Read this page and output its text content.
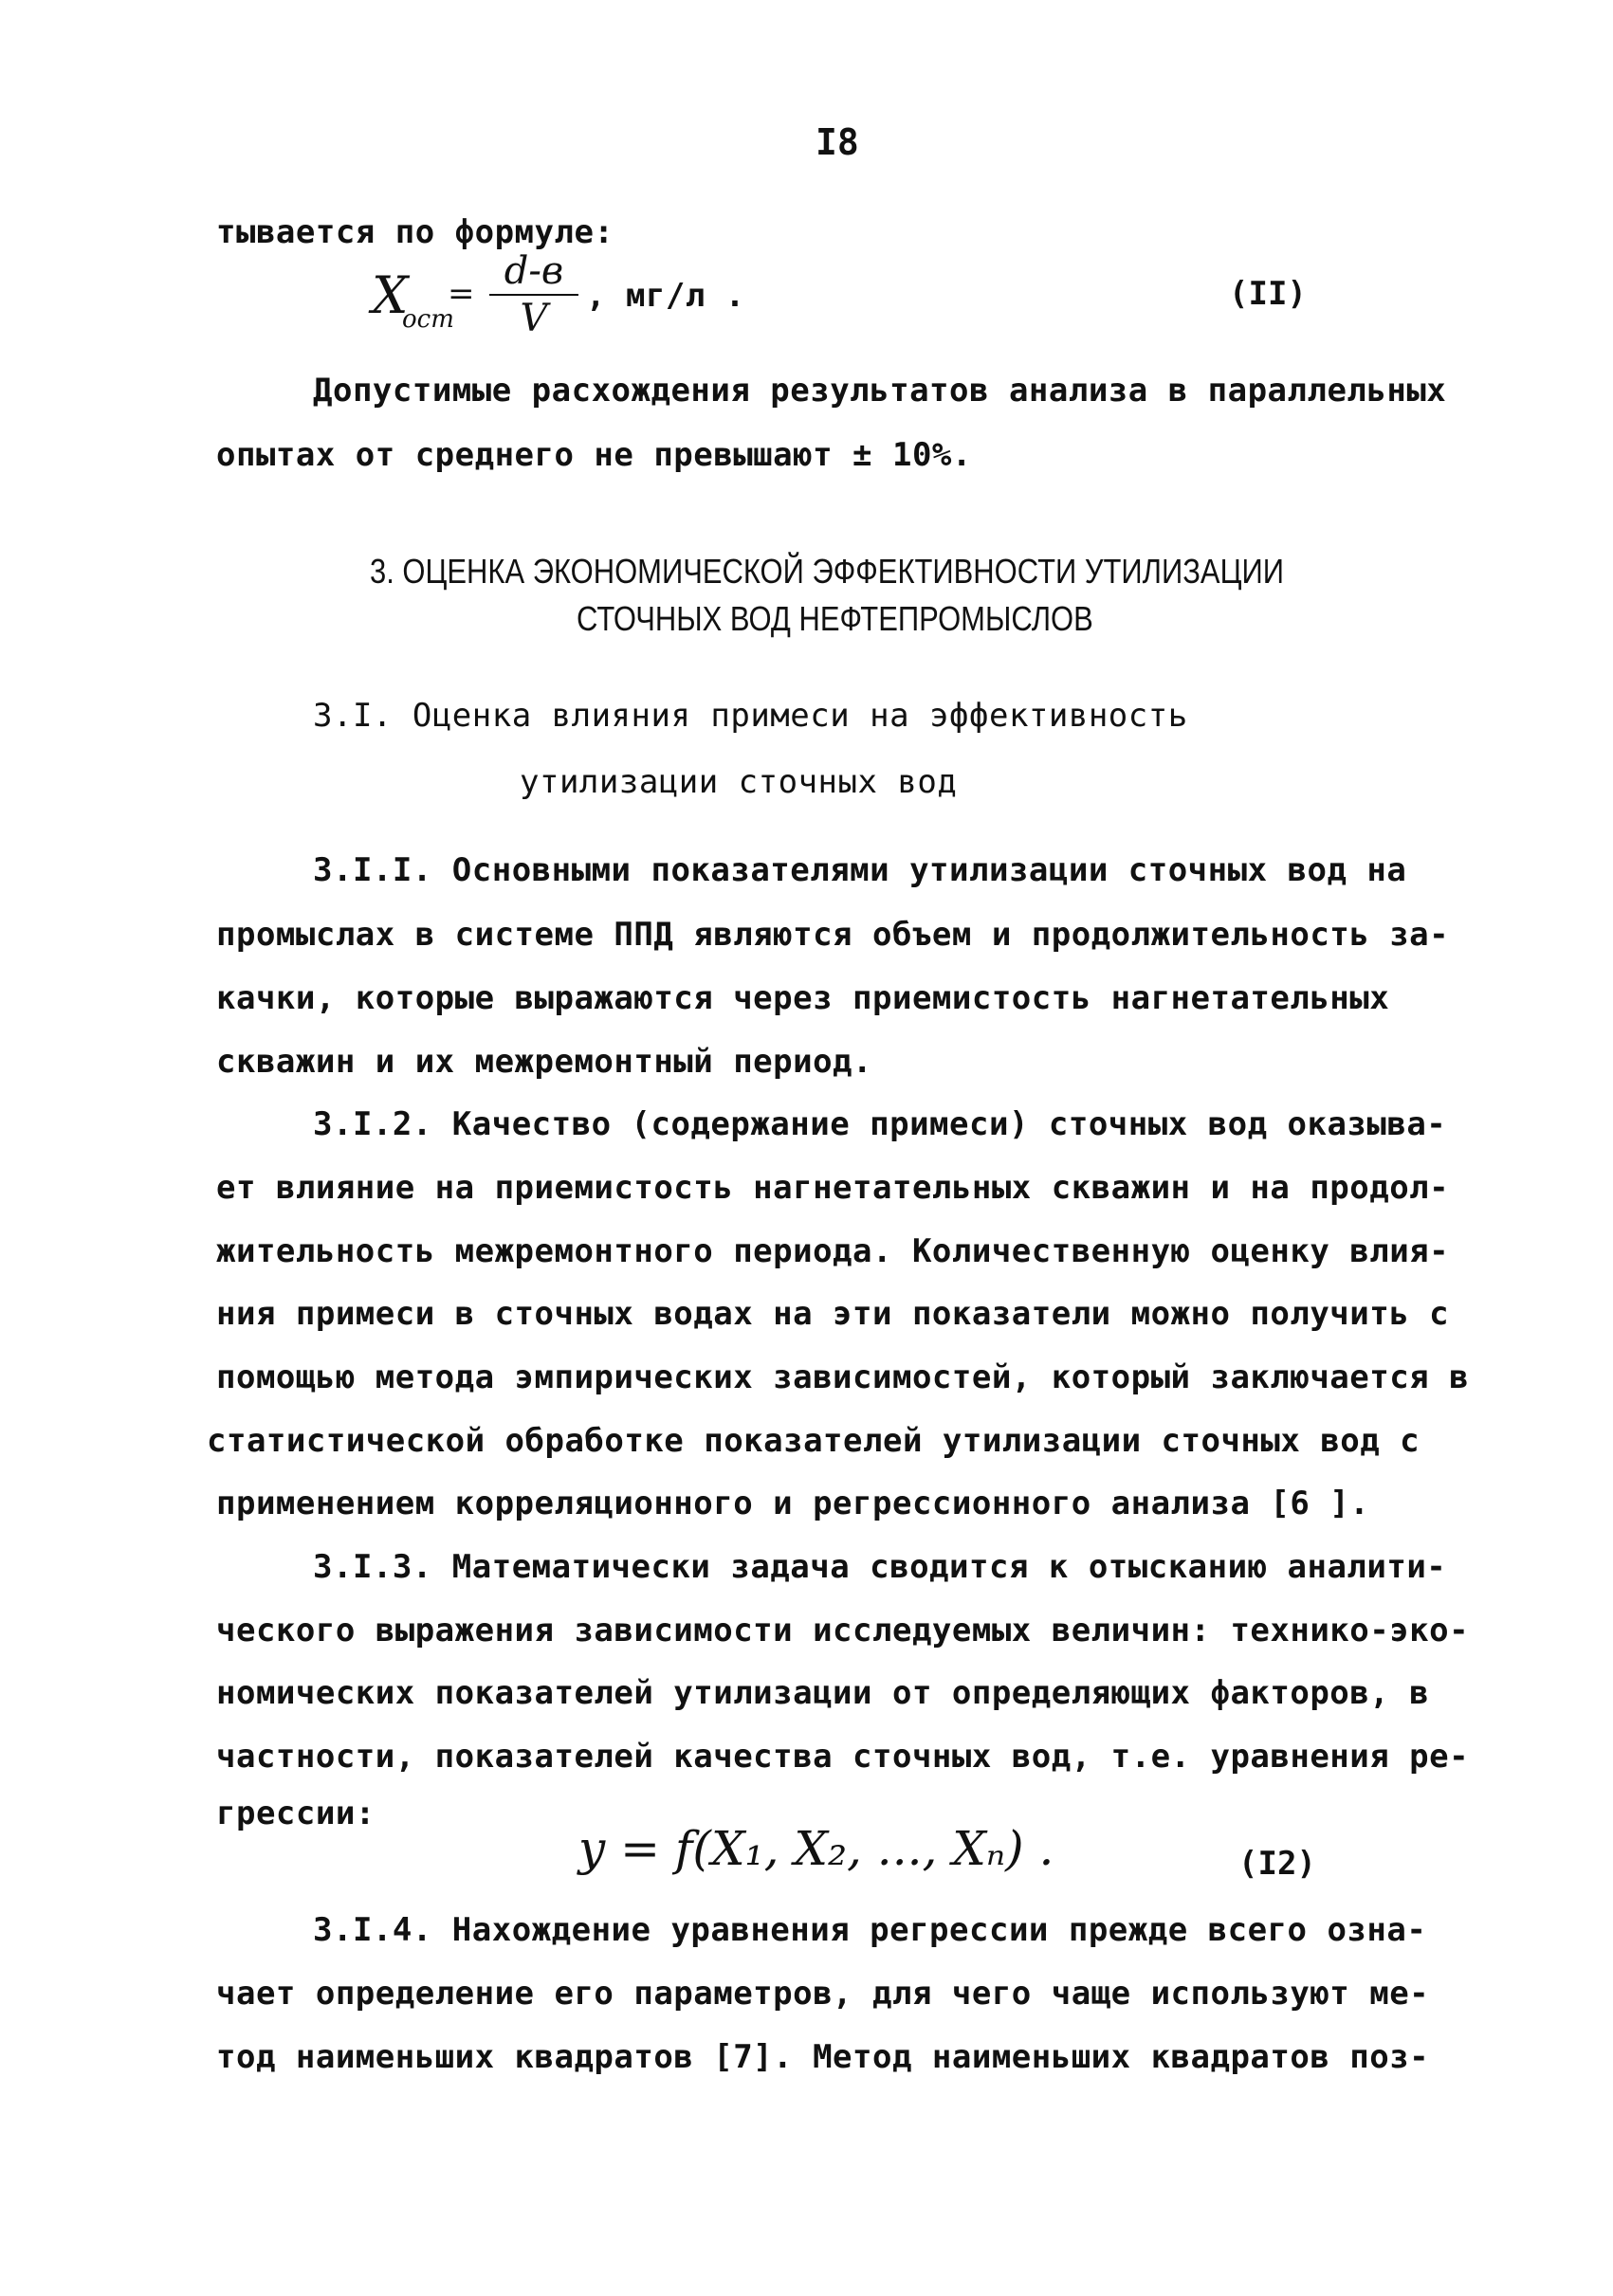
I8
тывается по формуле:
X
ост
=
d-в
V
, мг/л .	(II)
Допустимые расхождения результатов анализа в параллельных
опытах от среднего не превышают ± 10%.
3. ОЦЕНКА ЭКОНОМИЧЕСКОЙ ЭФФЕКТИВНОСТИ УТИЛИЗАЦИИ
СТОЧНЫХ ВОД НЕФТЕПРОМЫСЛОВ
3.I. Оценка влияния примеси на эффективность
утилизации сточных вод
3.I.I. Основными показателями утилизации сточных вод на
промыслах в системе ППД являются объем и продолжительность за-
качки, которые выражаются через приемистость нагнетательных
скважин и их межремонтный период.
3.I.2. Качество (содержание примеси) сточных вод оказыва-
ет влияние на приемистость нагнетательных скважин и на продол-
жительность межремонтного периода. Количественную оценку влия-
ния примеси в сточных водах на эти показатели можно получить с
помощью метода эмпирических зависимостей, который заключается в
статистической обработке показателей утилизации сточных вод с
применением корреляционного и регрессионного анализа [6 ].
3.I.3. Математически задача сводится к отысканию аналити-
ческого выражения зависимости исследуемых величин: технико-эко-
номических показателей утилизации от определяющих факторов, в
частности, показателей качества сточных вод, т.е. уравнения ре-
грессии:
y = f(X₁, X₂, ..., Xₙ) .	(I2)
3.I.4. Нахождение уравнения регрессии прежде всего озна-
чает определение его параметров, для чего чаще используют ме-
тод наименьших квадратов [7]. Метод наименьших квадратов поз-
